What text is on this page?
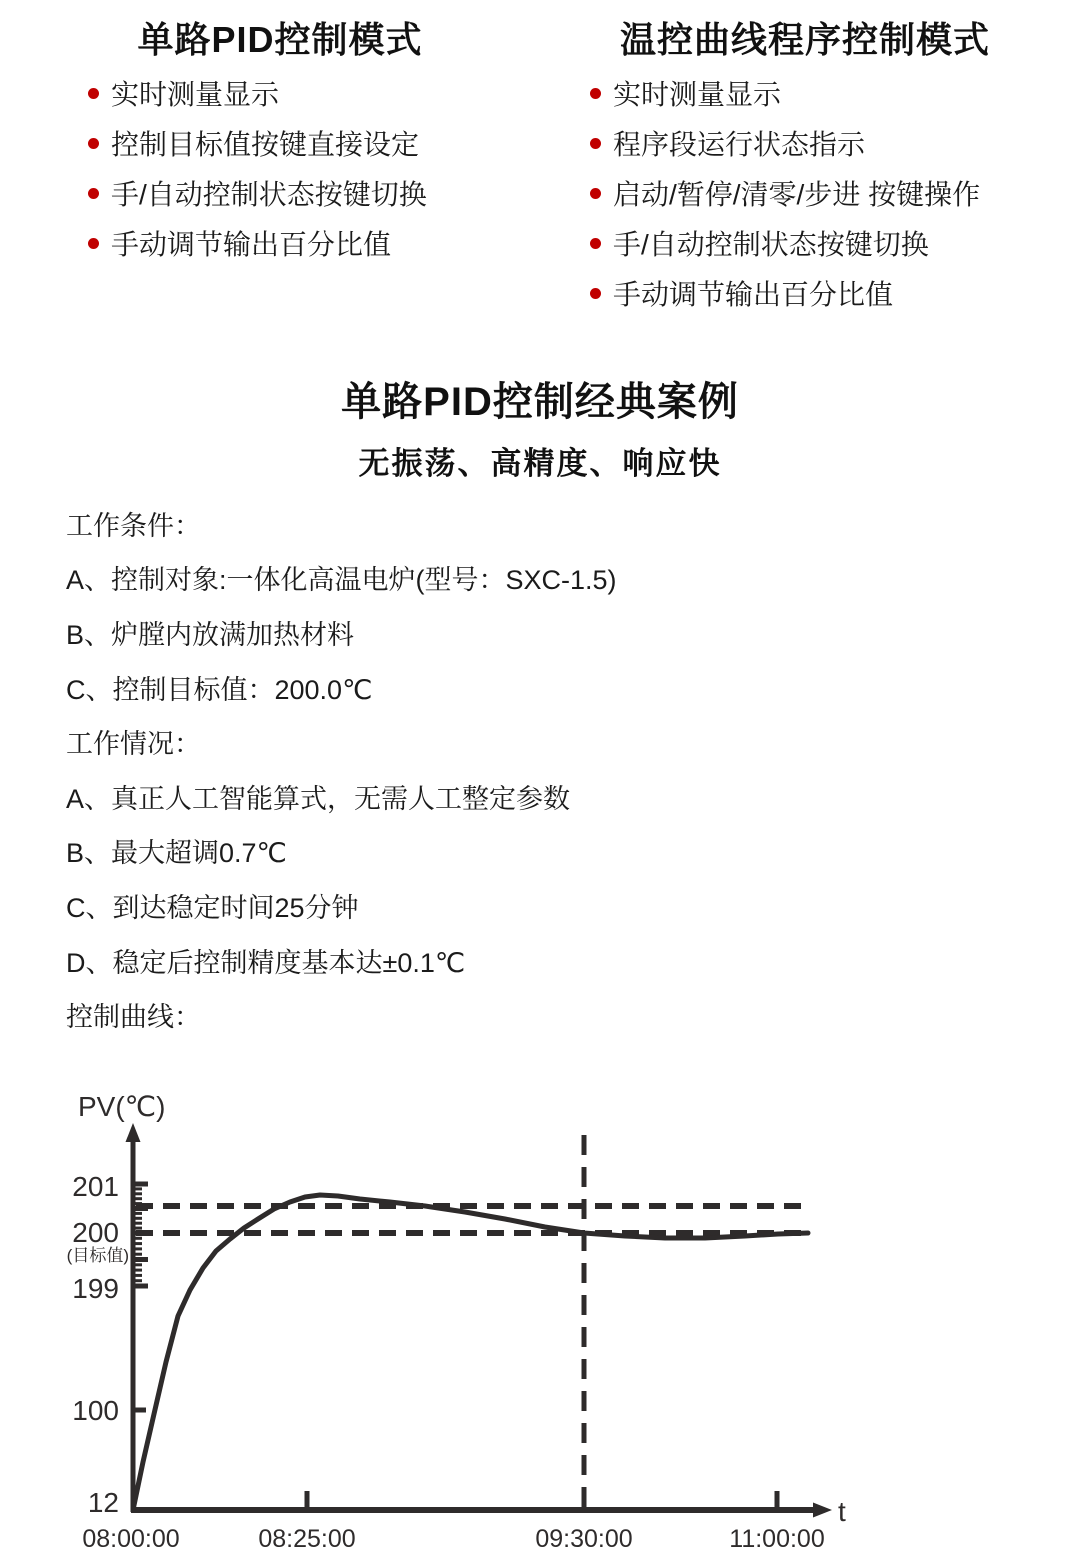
单路PID控制模式	温控曲线程序控制模式
实时测量显示
控制目标值按键直接设定
手/自动控制状态按键切换
手动调节输出百分比值
实时测量显示
程序段运行状态指示
启动/暂停/清零/步进 按键操作
手/自动控制状态按键切换
手动调节输出百分比值
单路PID控制经典案例
无振荡、高精度、响应快
工作条件：
A、控制对象:一体化高温电炉(型号：SXC-1.5)
B、炉膛内放满加热材料
C、控制目标值：200.0℃
工作情况：
A、真正人工智能算式，无需人工整定参数
B、最大超调0.7℃
C、到达稳定时间25分钟
D、稳定后控制精度基本达±0.1℃
控制曲线：
201
200
(目标值)
199
100
12
08:00:00	08:25:00	09:30:00	11:00:00
PV(℃)
t
